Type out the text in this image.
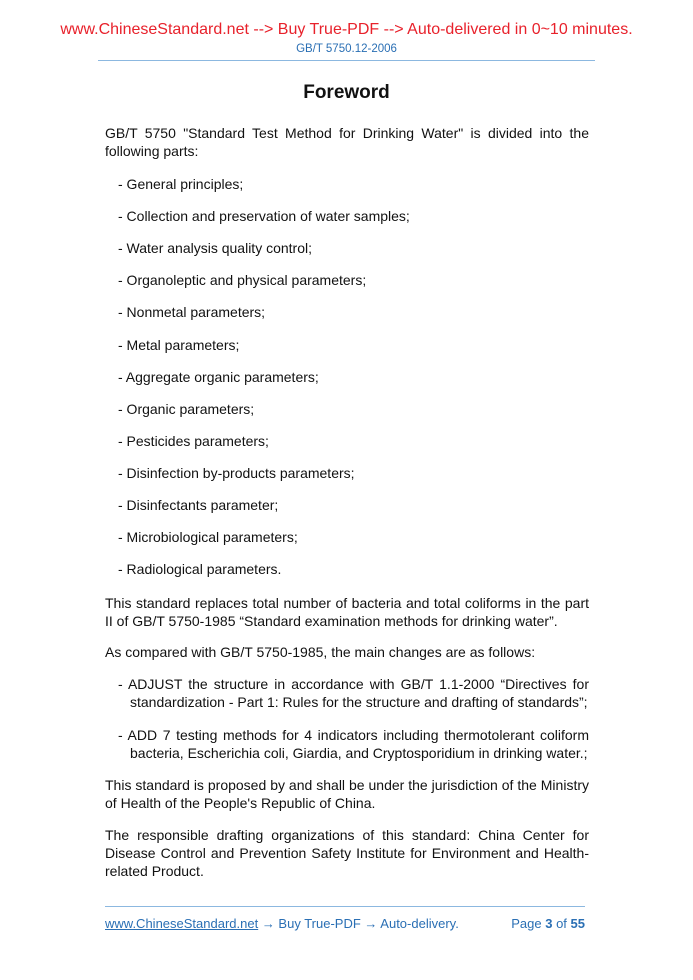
www.ChineseStandard.net --> Buy True-PDF --> Auto-delivered in 0~10 minutes.
GB/T 5750.12-2006
Foreword
GB/T 5750 "Standard Test Method for Drinking Water" is divided into the following parts:
- General principles;
- Collection and preservation of water samples;
- Water analysis quality control;
- Organoleptic and physical parameters;
- Nonmetal parameters;
- Metal parameters;
- Aggregate organic parameters;
- Organic parameters;
- Pesticides parameters;
- Disinfection by-products parameters;
- Disinfectants parameter;
- Microbiological parameters;
- Radiological parameters.
This standard replaces total number of bacteria and total coliforms in the part II of GB/T 5750-1985 “Standard examination methods for drinking water”.
As compared with GB/T 5750-1985, the main changes are as follows:
- ADJUST the structure in accordance with GB/T 1.1-2000 “Directives for standardization - Part 1: Rules for the structure and drafting of standards”;
- ADD 7 testing methods for 4 indicators including thermotolerant coliform bacteria, Escherichia coli, Giardia, and Cryptosporidium in drinking water.;
This standard is proposed by and shall be under the jurisdiction of the Ministry of Health of the People's Republic of China.
The responsible drafting organizations of this standard: China Center for Disease Control and Prevention Safety Institute for Environment and Health-related Product.
www.ChineseStandard.net → Buy True-PDF → Auto-delivery.	Page 3 of 55
